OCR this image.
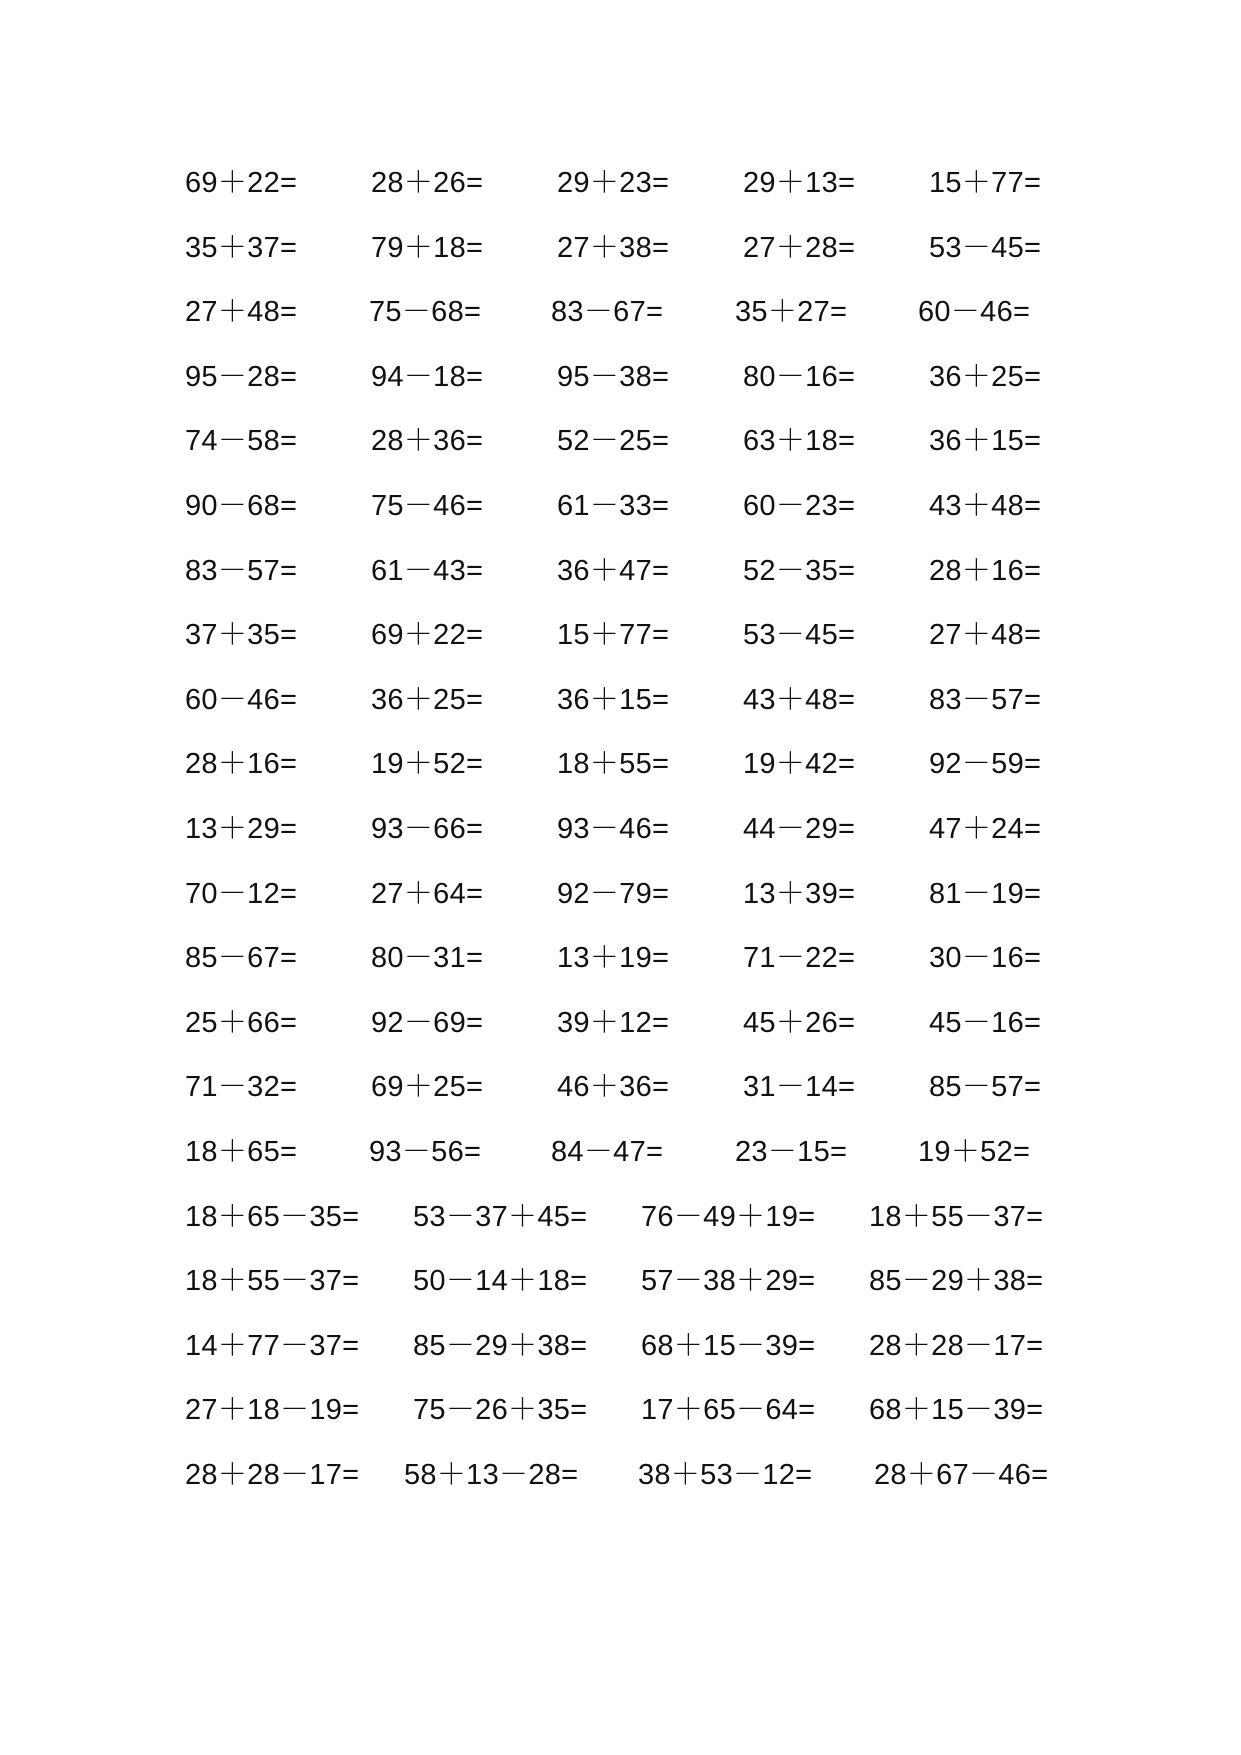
69＋22=	28＋26=	29＋23=	29＋13=	15＋77=
35＋37=	79＋18=	27＋38=	27＋28=	53－45=
27＋48= 75－68= 83－67= 35＋27= 60－46=
95－28=	94－18=	95－38=	80－16=	36＋25=
74－58=	28＋36=	52－25=	63＋18=	36＋15=
90－68=	75－46=	61－33=	60－23=	43＋48=
83－57=	61－43=	36＋47=	52－35=	28＋16=
37＋35=	69＋22=	15＋77=	53－45=	27＋48=
60－46=	36＋25=	36＋15=	43＋48=	83－57=
28＋16=	19＋52=	18＋55=	19＋42=	92－59=
13＋29=	93－66=	93－46=	44－29=	47＋24=
70－12=	27＋64=	92－79=	13＋39=	81－19=
85－67=	80－31=	13＋19=	71－22=	30－16=
25＋66=	92－69=	39＋12=	45＋26=	45－16=
71－32=	69＋25=	46＋36=	31－14=	85－57=
18＋65= 93－56= 84－47= 23－15= 19＋52=
18＋65－35= 53－37＋45= 76－49＋19= 18＋55－37=
18＋55－37= 50－14＋18= 57－38＋29= 85－29＋38=
14＋77－37= 85－29＋38= 68＋15－39= 28＋28－17=
27＋18－19= 75－26＋35= 17＋65－64= 68＋15－39=
28＋28－17= 58＋13－28= 38＋53－12= 28＋67－46=
